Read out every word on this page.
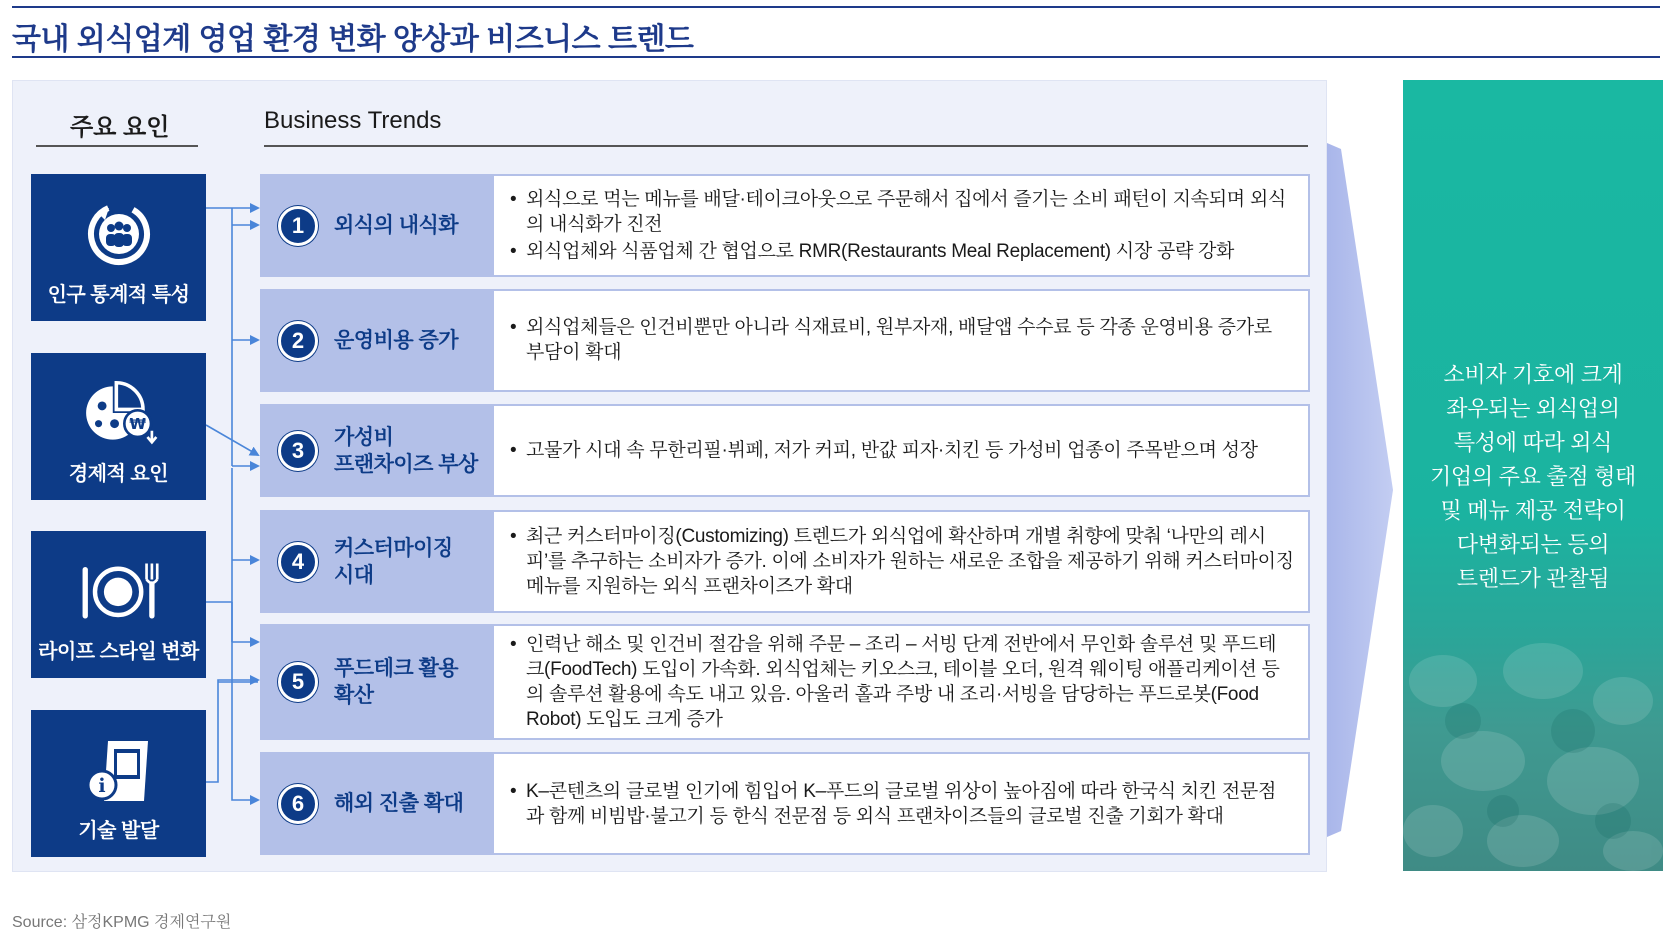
국내 외식업계 영업 환경 변화 양상과 비즈니스 트렌드
주요 요인	Business Trends
인구 통계적 특성
₩
경제적 요인
라이프 스타일 변화
i
기술 발달
1	외식의 내식화
• 외식으로 먹는 메뉴를 배달·테이크아웃으로 주문해서 집에서 즐기는 소비 패턴이 지속되며 외식의 내식화가 진전
• 외식업체와 식품업체 간 협업으로 RMR(Restaurants Meal Replacement) 시장 공략 강화
2	운영비용 증가
• 외식업체들은 인건비뿐만 아니라 식재료비, 원부자재, 배달앱 수수료 등 각종 운영비용 증가로 부담이 확대
3
가성비
프랜차이즈 부상
• 고물가 시대 속 무한리필·뷔페, 저가 커피, 반값 피자·치킨 등 가성비 업종이 주목받으며 성장
4
커스터마이징
시대
• 최근 커스터마이징(Customizing) 트렌드가 외식업에 확산하며 개별 취향에 맞춰 ‘나만의 레시피’를 추구하는 소비자가 증가. 이에 소비자가 원하는 새로운 조합을 제공하기 위해 커스터마이징 메뉴를 지원하는 외식 프랜차이즈가 확대
5
푸드테크 활용
확산
• 인력난 해소 및 인건비 절감을 위해 주문 – 조리 – 서빙 단계 전반에서 무인화 솔루션 및 푸드테크(FoodTech) 도입이 가속화. 외식업체는 키오스크, 테이블 오더, 원격 웨이팅 애플리케이션 등의 솔루션 활용에 속도 내고 있음. 아울러 홀과 주방 내 조리·서빙을 담당하는 푸드로봇(Food Robot) 도입도 크게 증가
6	해외 진출 확대
• K–콘텐츠의 글로벌 인기에 힘입어 K–푸드의 글로벌 위상이 높아짐에 따라 한국식 치킨 전문점과 함께 비빔밥·불고기 등 한식 전문점 등 외식 프랜차이즈들의 글로벌 진출 기회가 확대
소비자 기호에 크게
좌우되는 외식업의
특성에 따라 외식
기업의 주요 출점 형태
및 메뉴 제공 전략이
다변화되는 등의
트렌드가 관찰됨
Source: 삼정KPMG 경제연구원
